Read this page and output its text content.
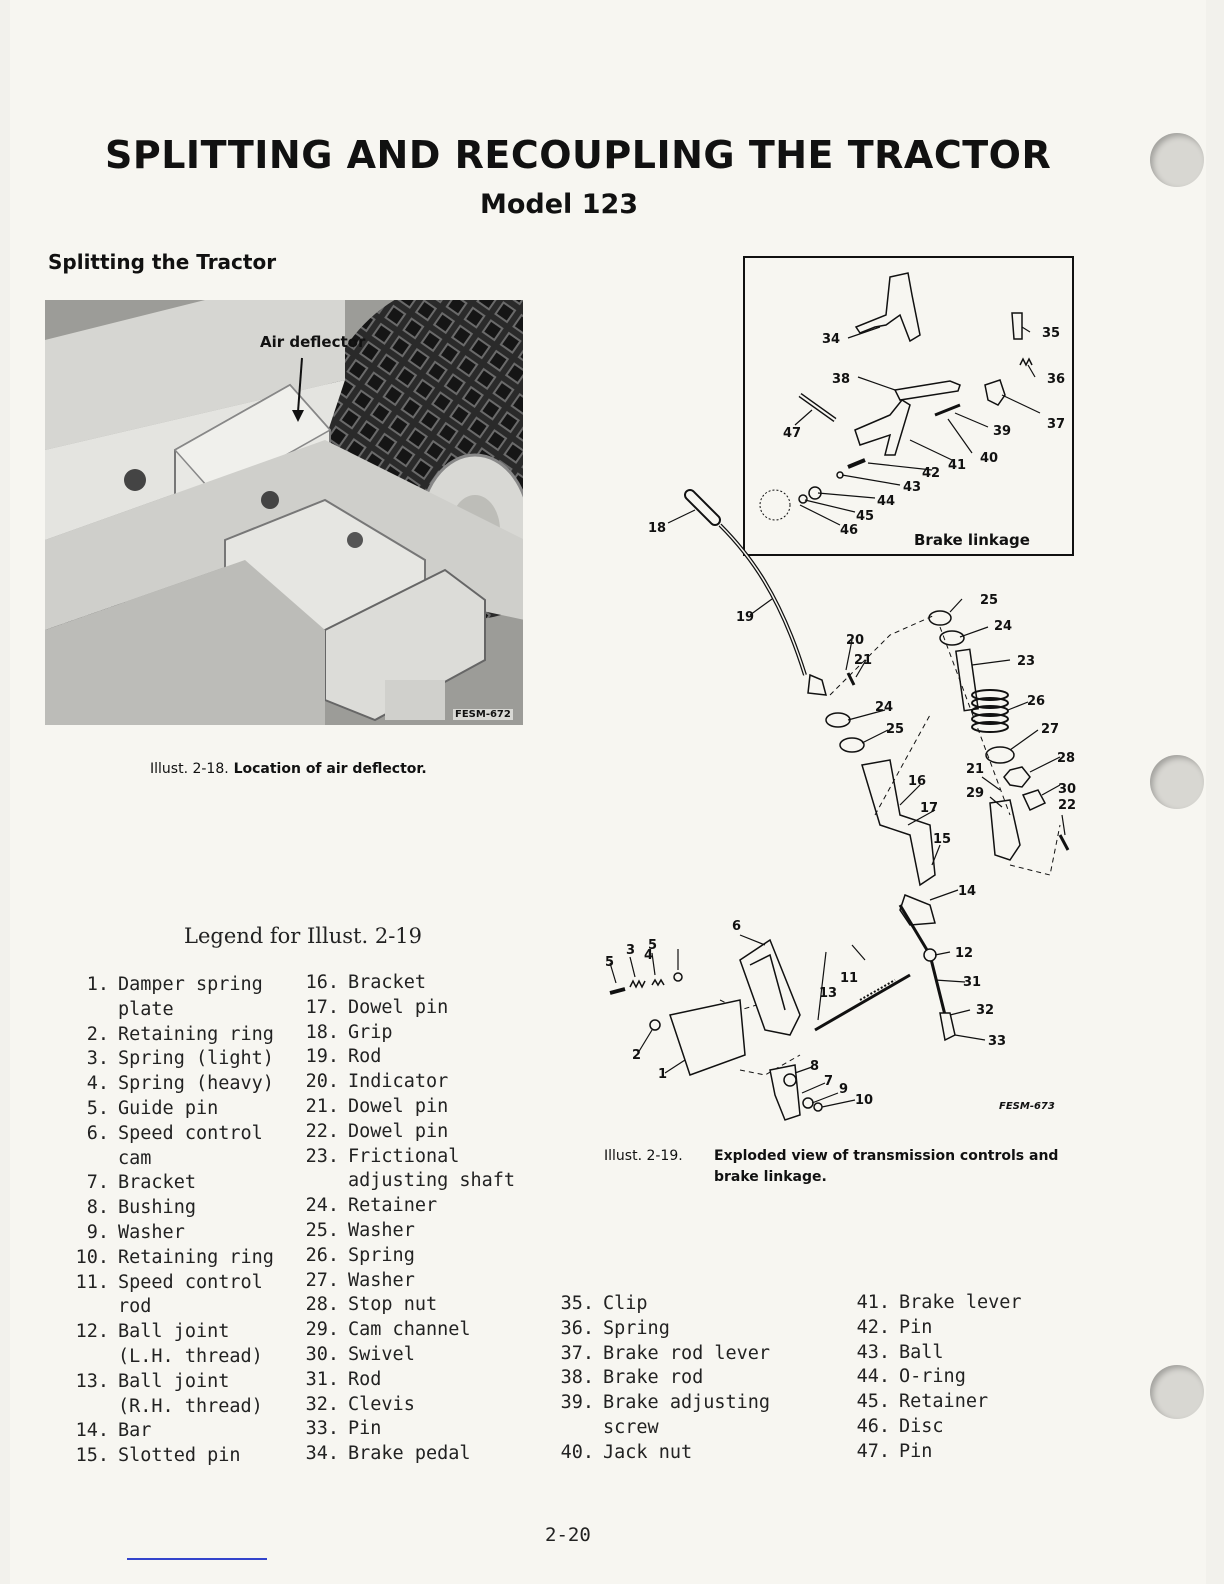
SPLITTING AND RECOUPLING THE TRACTOR
Model 123
Splitting the Tractor
Air deflector
FESM-672
Illust. 2-18. Location of air deflector.
34	35
36
38
37
39
47
40
41
42
43
44
45
46
18
19
25
24
23
20
21
26
27
24
25
28
21
30
16
29
22
17
15
14
6
12
3 5
5 4
11	31
13
32
33
2
1
8
7
9
10
Brake linkage
FESM-673
Illust. 2-19.	Exploded view of transmission controls and
brake linkage.
Legend for Illust. 2-19
1. Damper spring
plate
2. Retaining ring
3. Spring (light)
4. Spring (heavy)
5. Guide pin
6. Speed control
cam
7. Bracket
8. Bushing
9. Washer
10. Retaining ring
11. Speed control
rod
12. Ball joint
(L.H. thread)
13. Ball joint
(R.H. thread)
14. Bar
15. Slotted pin
16. Bracket
17. Dowel pin
18. Grip
19. Rod
20. Indicator
21. Dowel pin
22. Dowel pin
23. Frictional
adjusting shaft
24. Retainer
25. Washer
26. Spring
27. Washer
28. Stop nut
29. Cam channel
30. Swivel
31. Rod
32. Clevis
33. Pin
34. Brake pedal
35. Clip
36. Spring
37. Brake rod lever
38. Brake rod
39. Brake adjusting
screw
40. Jack nut
41. Brake lever
42. Pin
43. Ball
44. O-ring
45. Retainer
46. Disc
47. Pin
2-20
